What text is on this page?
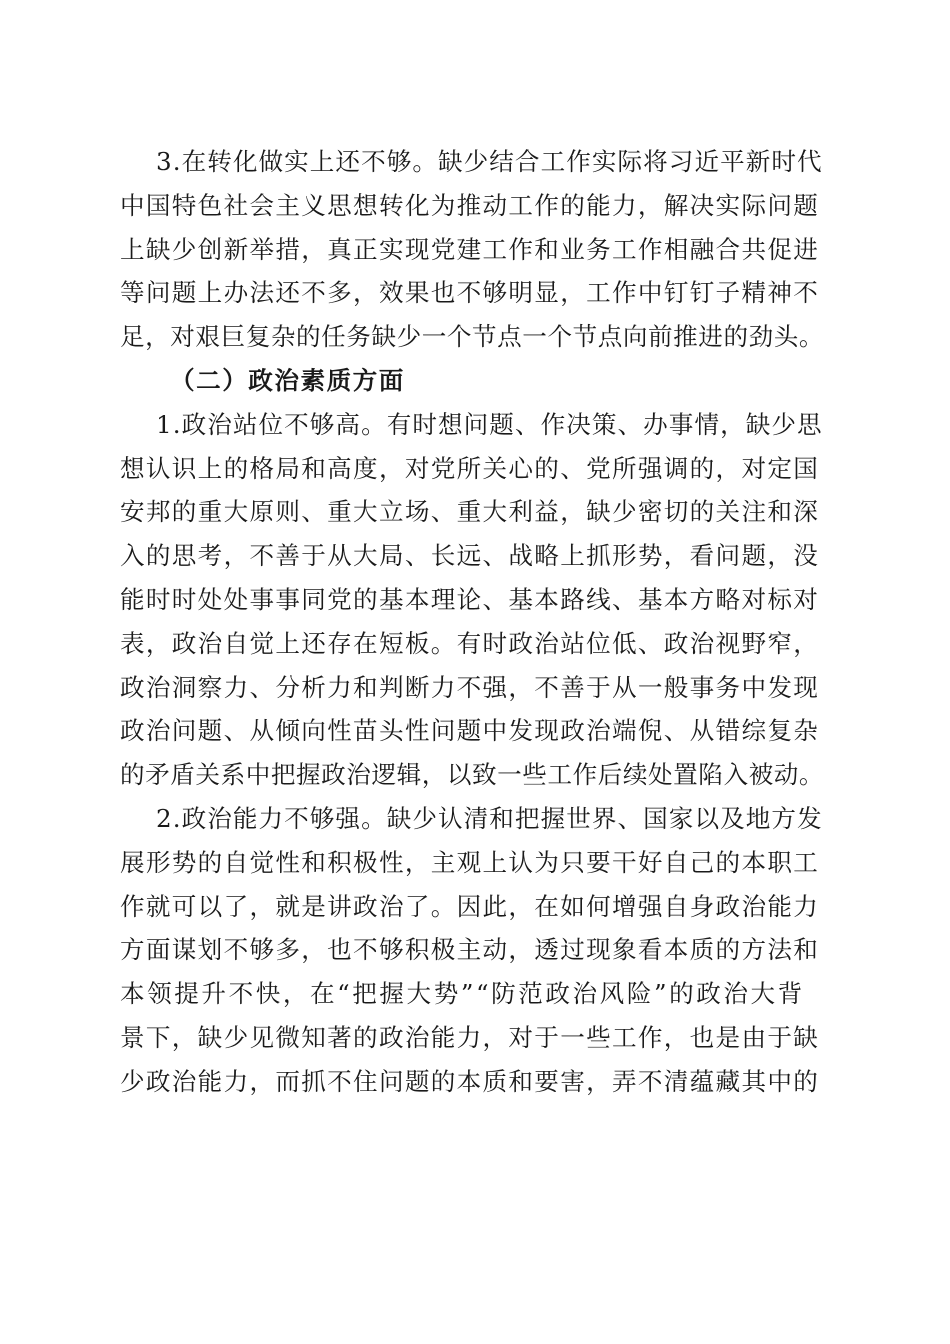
3.在转化做实上还不够。缺少结合工作实际将习近平新时代
中国特色社会主义思想转化为推动工作的能力，解决实际问题
上缺少创新举措，真正实现党建工作和业务工作相融合共促进
等问题上办法还不多，效果也不够明显，工作中钉钉子精神不
足，对艰巨复杂的任务缺少一个节点一个节点向前推进的劲头。
（二）政治素质方面
1.政治站位不够高。有时想问题、作决策、办事情，缺少思
想认识上的格局和高度，对党所关心的、党所强调的，对定国
安邦的重大原则、重大立场、重大利益，缺少密切的关注和深
入的思考，不善于从大局、长远、战略上抓形势，看问题，没
能时时处处事事同党的基本理论、基本路线、基本方略对标对
表，政治自觉上还存在短板。有时政治站位低、政治视野窄，
政治洞察力、分析力和判断力不强，不善于从一般事务中发现
政治问题、从倾向性苗头性问题中发现政治端倪、从错综复杂
的矛盾关系中把握政治逻辑，以致一些工作后续处置陷入被动。
2.政治能力不够强。缺少认清和把握世界、国家以及地方发
展形势的自觉性和积极性，主观上认为只要干好自己的本职工
作就可以了，就是讲政治了。因此，在如何增强自身政治能力
方面谋划不够多，也不够积极主动，透过现象看本质的方法和
本领提升不快，在“把握大势”“防范政治风险”的政治大背
景下，缺少见微知著的政治能力，对于一些工作，也是由于缺
少政治能力，而抓不住问题的本质和要害，弄不清蕴藏其中的
